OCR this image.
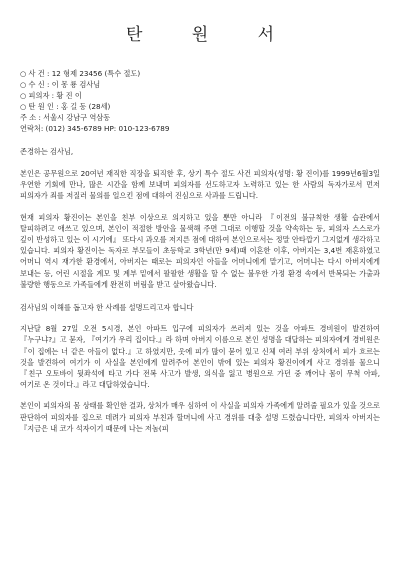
탄 원 서
○ 사 건 : 12 형제 23456 (특수 절도)
○ 수 신 : 이 몽 룡 검사님
○ 피의자 : 황 진 이
○ 탄 원 인 : 홍 길 동 (28세)
주 소 : 서울시 강남구 역삼동
연락처: (012) 345-6789 HP: 010-123-6789
존경하는 검사님,
본인은 공무원으로 20여년 재직한 직장을 퇴직한 후, 상기 특수 절도 사건 피의자(성명: 황 진이)를 1999년6월3일 우연한 기회에 만나, 많은 시간을 함께 보내며 피의자를 선도하고자 노력하고 있는 한 사람의 독자가로서 먼저 피의자가 죄를 저질러 물의를 일으킨 점에 대하여 진심으로 사과를 드립니다.
현재 피의자 황진이는 본인을 친부 이상으로 의지하고 있을 뿐만 아니라 『이전의 불규칙한 생활 습관에서 탈피하려고 애쓰고 있으며, 본인이 적절한 방안을 물색해 주면 그대로 이행할 것을 약속하는 등, 피의자 스스로가 깊이 반성하고 있는 이 시기에』 또다시 과오를 저지른 점에 대하여 본인으로서는 정말 안타깝기 그지없게 생각하고 있습니다. 피의자 황진이는 독자로 부모들이 초등학교 3학년(만 9세)때 이혼한 이후, 아버지는 3,4번 재혼하였고 어머니 역시 재가한 환경에서, 아버지는 때로는 피의자인 아들을 어머니에게 맡기고, 어머니는 다시 아버지에게 보내는 등, 어린 시절을 계모 및 계부 밑에서 팔팔한 생활을 할 수 없는 불우한 가정 환경 속에서 반복되는 가출과 불량한 행동으로 가족들에게 완전히 버림을 받고 살아왔습니다.
검사님의 이해를 돕고자 한 사례를 설명드리고자 합니다
지난달 8월 27일 오전 5시경, 본인 아파트 입구에 피의자가 쓰러져 있는 것을 아파트 경비원이 발견하여 『누구냐?』고 묻자, 『여기가 우리 집이다.』라 하며 아버지 이름으로 본인 성명을 대답하는 피의자에게 경비원은 『이 집에는 너 같은 아들이 없다.』고 하였지만, 옷에 피가 많이 묻어 있고 신체 여러 부위 상처에서 피가 흐르는 것을 발견하여 여기가 이 사실을 본인에게 알려주어 본인이 밖에 있는 피의자 황진이에게 사고 경위를 물으니 『친구 오토바이 뒷좌석에 타고 가다 전복 사고가 발생, 의식을 잃고 병원으로 가던 중 깨어나 몸이 무척 아파, 여기로 온 것이다.』라고 대답하였습니다.
본인이 피의자의 몸 상태를 확인한 결과, 상처가 매우 심하여 이 사실을 피의자 가족에게 알려줄 필요가 있을 것으로 판단하여 피의자를 집으로 데려가 피의자 부친과 할머니에 사고 경위를 대충 설명 드렸습니다만, 피의자 아버지는 『지금은 내 코가 석자이기 때문에 나는 저놈(피
